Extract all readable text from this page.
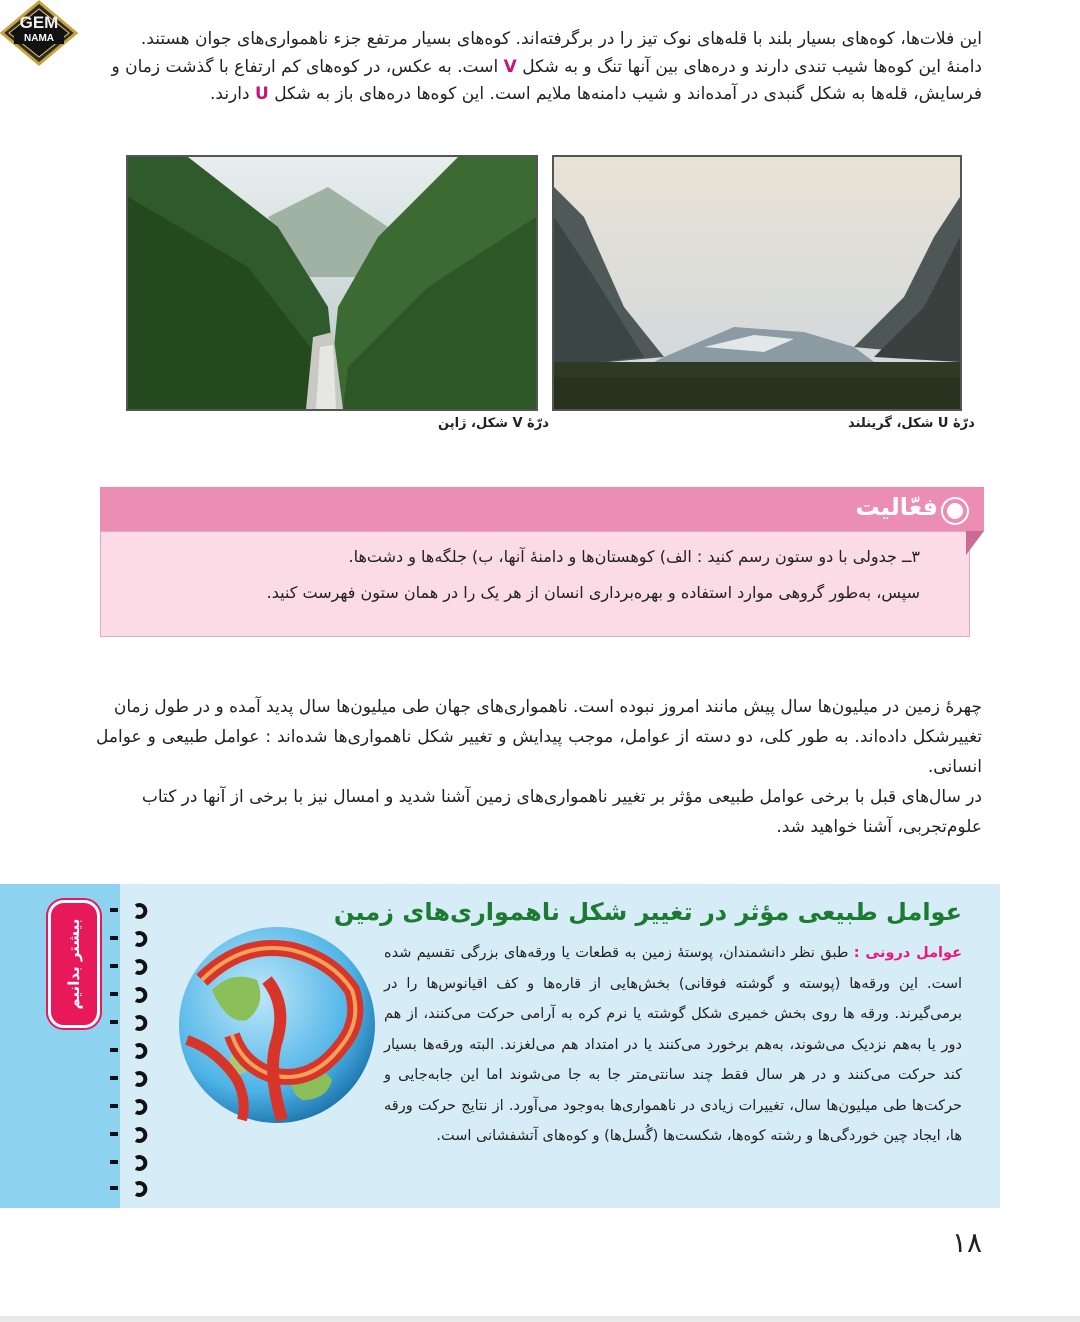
GEM
NAMA	این فلات‌ها، کوه‌های بسیار بلند با قله‌های نوک تیز را در برگرفته‌اند. کوه‌های بسیار مرتفع جزء ناهمواری‌های جوان هستند.
دامنهٔ این کوه‌ها شیب تندی دارند و دره‌های بین آنها تنگ و به شکل V است. به عکس، در کوه‌های کم ارتفاع با گذشت زمان و
فرسایش، قله‌ها به شکل گنبدی در آمده‌اند و شیب دامنه‌ها ملایم است. این کوه‌ها دره‌های باز به شکل U دارند.
درّهٔ V شکل، ژاپن	درّهٔ U شکل، گرینلند
فعّالیت
۳ــ جدولی با دو ستون رسم کنید : الف) کوهستان‌ها و دامنهٔ آنها، ب) جلگه‌ها و دشت‌ها.
سپس، به‌طور گروهی موارد استفاده و بهره‌برداری انسان از هر یک را در همان ستون فهرست کنید.
چهرهٔ زمین در میلیون‌ها سال پیش مانند امروز نبوده است. ناهمواری‌های جهان طی میلیون‌ها سال پدید آمده و در طول زمان
تغییرشکل داده‌اند. به طور کلی، دو دسته از عوامل، موجب پیدایش و تغییر شکل ناهمواری‌ها شده‌اند : عوامل طبیعی و عوامل انسانی.
در سال‌های قبل با برخی عوامل طبیعی مؤثر بر تغییر ناهمواری‌های زمین آشنا شدید و امسال نیز با برخی از آنها در کتاب
علوم‌تجربی، آشنا خواهید شد.
بیشتر بدانیم
عوامل طبیعی مؤثر در تغییر شکل ناهمواری‌های زمین
عوامل درونی : طبق نظر دانشمندان، پوستهٔ زمین به قطعات یا ورقه‌های بزرگی تقسیم شده است. این ورقه‌ها (پوسته و گوشته فوقانی) بخش‌هایی از قاره‌ها و کف اقیانوس‌ها را در برمی‌گیرند. ورقه ها روی بخش خمیری شکل گوشته یا نرم کره به آرامی حرکت می‌کنند، از هم دور یا به‌هم نزدیک می‌شوند، به‌هم برخورد می‌کنند یا در امتداد هم می‌لغزند. البته ورقه‌ها بسیار کند حرکت می‌کنند و در هر سال فقط چند سانتی‌متر جا به جا می‌شوند اما این جابه‌جایی و حرکت‌ها طی میلیون‌ها سال، تغییرات زیادی در ناهمواری‌ها به‌وجود می‌آورد. از نتایج حرکت ورقه ها، ایجاد چین خوردگی‌ها و رشته کوه‌ها، شکست‌ها (گُسل‌ها) و کوه‌های آتشفشانی است.
۱۸
